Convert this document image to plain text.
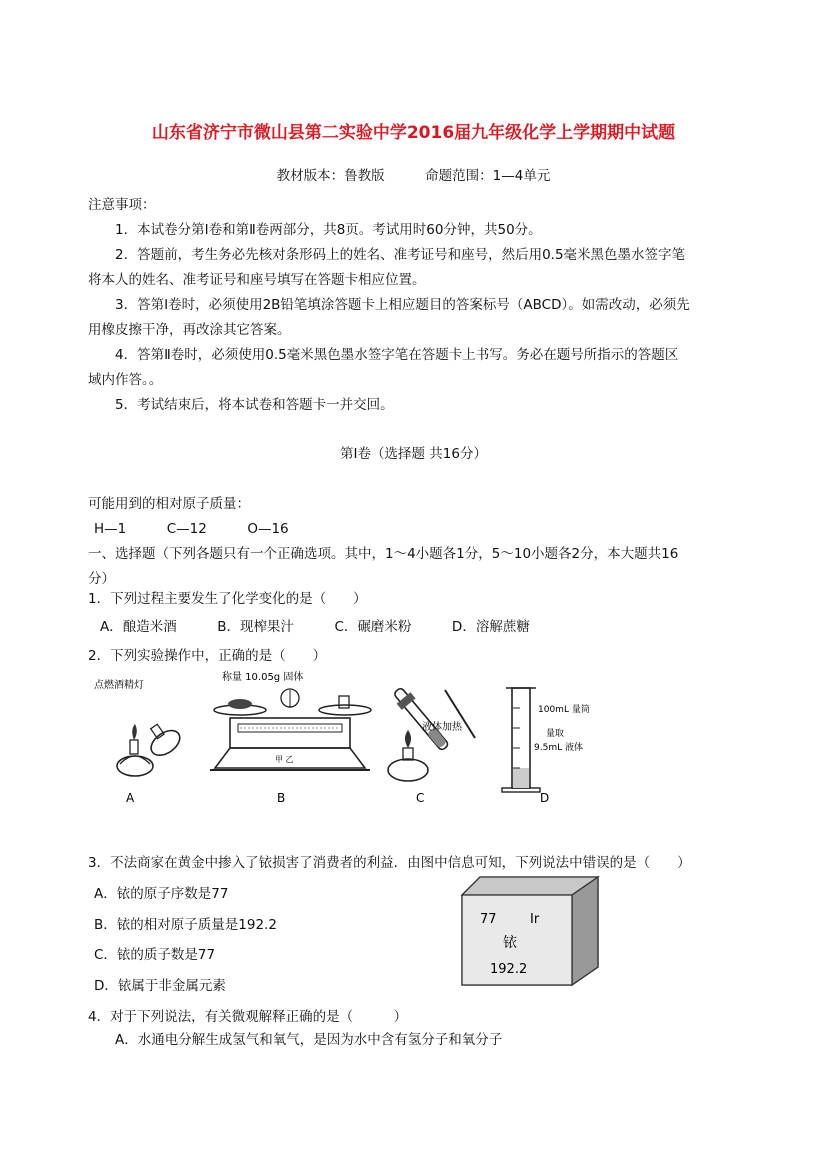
山东省济宁市微山县第二实验中学2016届九年级化学上学期期中试题
教材版本：鲁教版　　　命题范围：1—4单元
注意事项：
1．本试卷分第Ⅰ卷和第Ⅱ卷两部分，共8页。考试用时60分钟，共50分。
2．答题前，考生务必先核对条形码上的姓名、准考证号和座号，然后用0.5毫米黑色墨水签字笔
将本人的姓名、准考证号和座号填写在答题卡相应位置。
3．答第Ⅰ卷时，必须使用2B铅笔填涂答题卡上相应题目的答案标号（ABCD）。如需改动，必须先
用橡皮擦干净，再改涂其它答案。
4．答第Ⅱ卷时，必须使用0.5毫米黑色墨水签字笔在答题卡上书写。务必在题号所指示的答题区
域内作答。。
5．考试结束后，将本试卷和答题卡一并交回。
第Ⅰ卷（选择题 共16分）
可能用到的相对原子质量：
H—1　　　C—12　　　O—16
一、选择题（下列各题只有一个正确选项。其中，1～4小题各1分，5～10小题各2分，本大题共16
分）
1．下列过程主要发生了化学变化的是（　　）
A．酿造米酒　　　B．现榨果汁　　　C．碾磨米粉　　　D．溶解蔗糖
2．下列实验操作中，正确的是（　　）
点燃酒精灯
称量 10.05g 固体
甲 乙
液体加热
100mL 量筒
量取
9.5mL 液体
A	B	C	D
3．不法商家在黄金中掺入了铱损害了消费者的利益．由图中信息可知，下列说法中错误的是（　　）
A．铱的原子序数是77
B．铱的相对原子质量是192.2
C．铱的质子数是77
D．铱属于非金属元素
77	Ir
铱
192.2
4．对于下列说法，有关微观解释正确的是（　　　）
A．水通电分解生成氢气和氧气，是因为水中含有氢分子和氧分子
